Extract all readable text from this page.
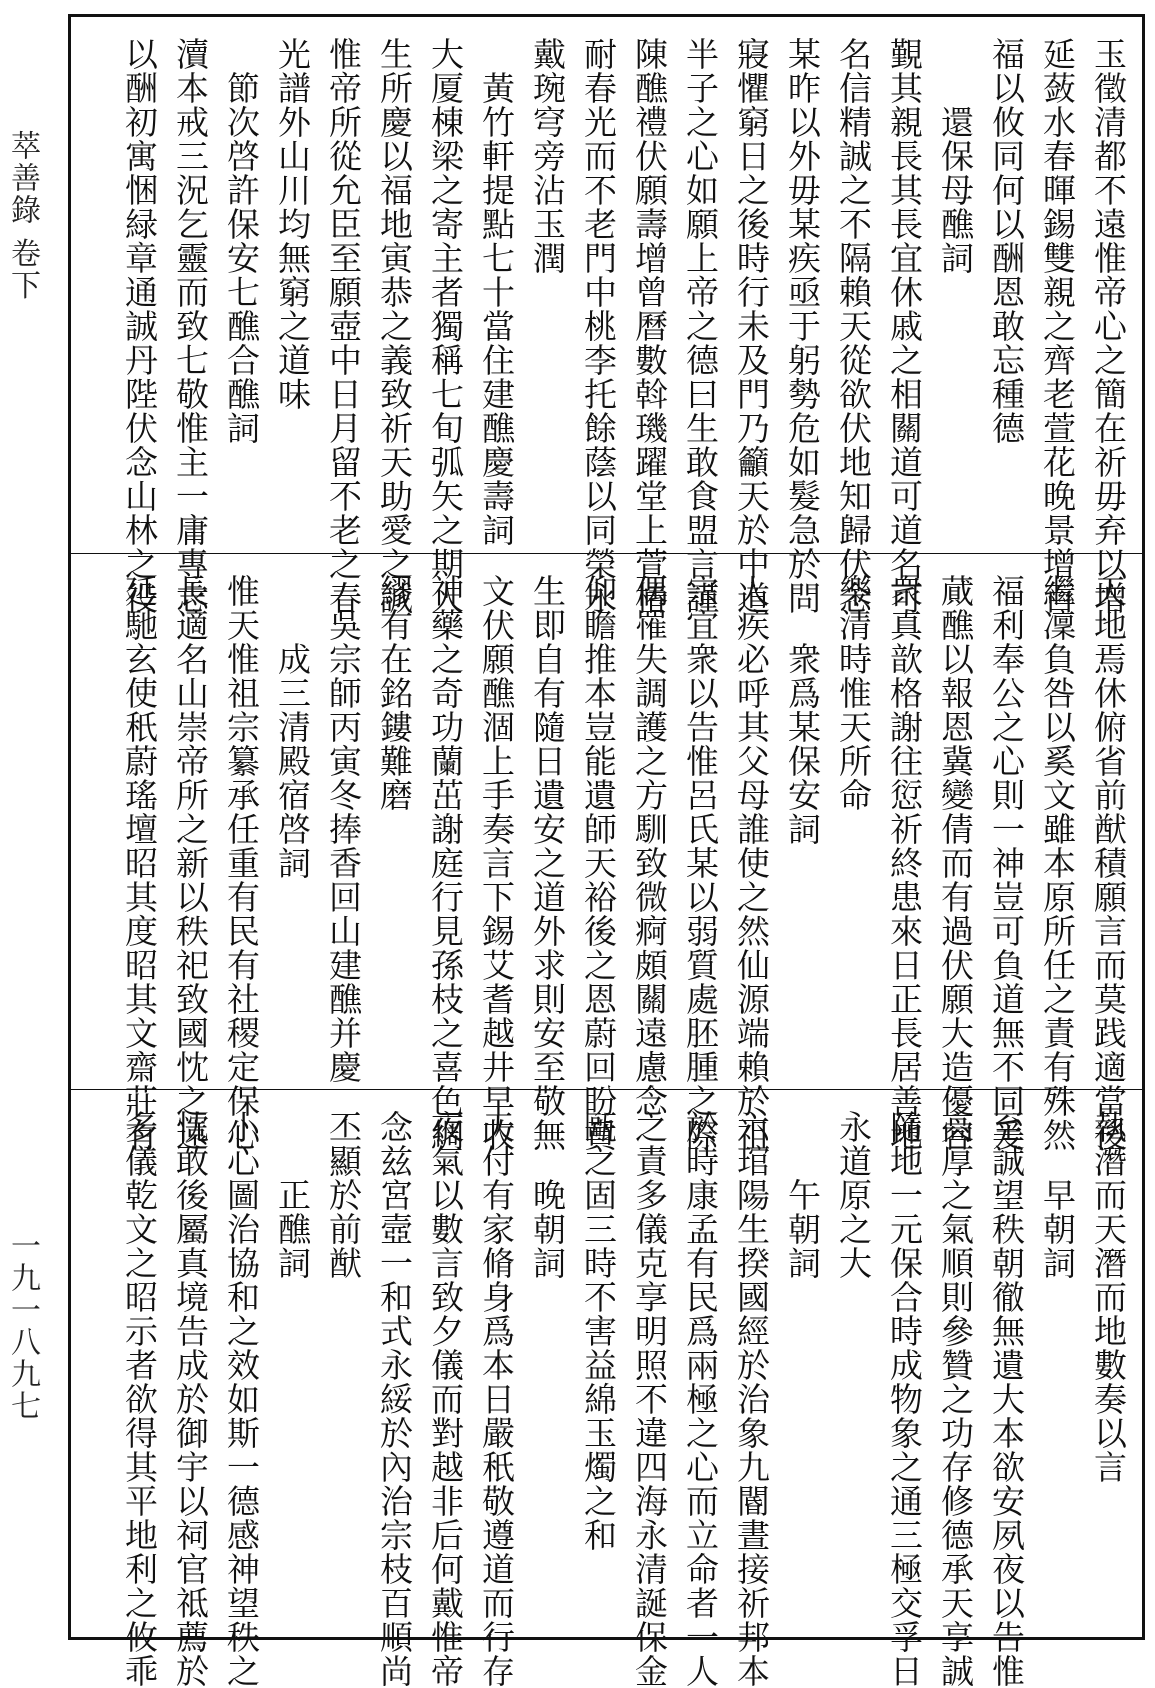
萃善錄 卷下
一九一八九七
玉徵清都不遠惟帝心之簡在祈毋弃以增
延蔹水春暉錫雙親之齊老萱花晚景增百
福以攸同何以酬恩敢忘種德
還保母醮詞
覲其親長其長宜休戚之相關道可道名可
名信精誠之不隔賴天從欲伏地知歸伏念
某昨以外毋某疾亟于躬勢危如髮急於問
寢懼窮日之後時行未及門乃籲天於中道
半子之心如願上帝之德曰生敢食盟言謹
陳醮禮伏願壽增曾曆數斡璣躍堂上萱椿
耐春光而不老門中桃李托餘蔭以同榮永
戴琬穹旁沾玉潤
黃竹軒提點七十當住建醮慶壽詞
大厦棟梁之寄主者獨稱七旬弧矢之期人
生所慶以福地寅恭之義致祈天助愛之誠
惟帝所從允臣至願壺中日月留不老之春
光譜外山川均無窮之道味
節次啓許保安七醮合醮詞
瀆本戒三況乞靈而致七敬惟主一庸專志
以酬初寓悃緑章通誠丹陛伏念山林之役
天地焉休俯省前猷積願言而莫践適當後
繼凜負咎以奚文雖本原所任之責有殊然
福利奉公之心則一神豈可負道無不同爰
蕆醮以報恩冀變倩而有過伏願大造優容
衆真歆格謝往愆祈終患來日正長居善地
樂清時惟天所命
衆爲某保安詞
人疾必呼其父母誰使之然仙源端賴於祖
宗宜衆以告惟呂氏某以弱質處胚腫之際
偶罹失調護之方馴致微痾頗關遠慮念
仰瞻推本豈能遺師天裕後之恩蔚回盼賁
生即自有隨日遺安之道外求則安至敬無
文伏願醮涸上手奏言下錫艾耆越井早收
神藥之奇功蘭茁謝庭行見孫枝之喜色綢
繆有在銘鏤難磨
吳宗師丙寅冬捧香回山建醮并慶
成三清殿宿啓詞
惟天惟祖宗纂承任重有民有社稷定保心
長適名山崇帝所之新以秩祀致國忱之遠
延馳玄使秖蔚瑤壇昭其度昭其文齋莊有
執潛而天潛而地數奏以言
早朝詞
至誠望秩朝徹無遺大本欲安夙夜以告惟
高厚之氣順則參贊之功存修德承天享誠
隨地一元保合時成物象之通三極交孚日
永道原之大
午朝詞
六琯陽生揆國經於治象九閽晝接祈邦本
於時康孟有民爲兩極之心而立命者一人
之責多儀克享明照不違四海永清誕保金
甌之固三時不害益綿玉燭之和
晚朝詞
天付有家脩身爲本日嚴秖敬遵道而行存
夜氣以數言致夕儀而對越非后何戴惟帝
念兹宮壼一和式永綏於內治宗枝百順尚
丕顯於前猷
正醮詞
小心圖治協和之效如斯一德感神望秩之
忱敢後屬真境告成於御宇以祠官祗薦於
多儀乾文之昭示者欲得其平地利之攸乖
